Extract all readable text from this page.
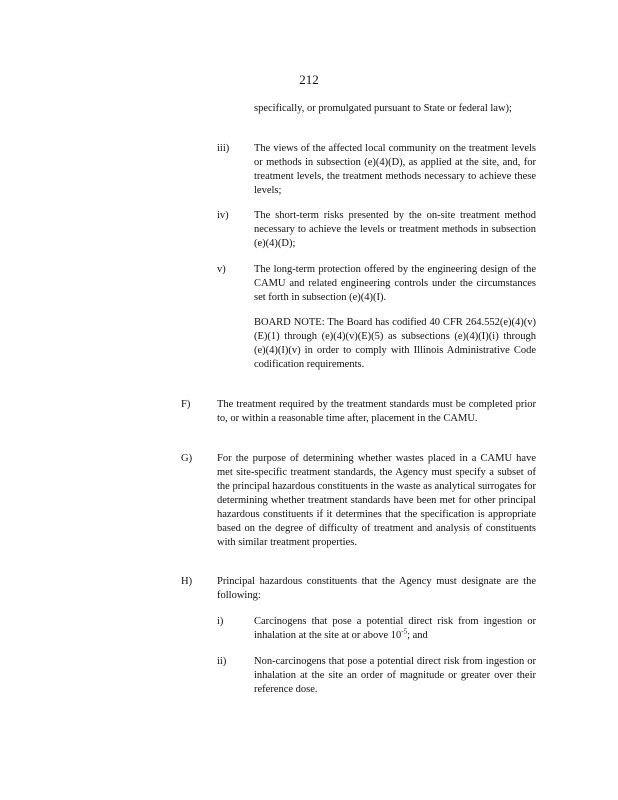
212
specifically, or promulgated pursuant to State or federal law);
iii) The views of the affected local community on the treatment levels or methods in subsection (e)(4)(D), as applied at the site, and, for treatment levels, the treatment methods necessary to achieve these levels;
iv) The short-term risks presented by the on-site treatment method necessary to achieve the levels or treatment methods in subsection (e)(4)(D);
v)	The long-term protection offered by the engineering design of the CAMU and related engineering controls under the circumstances set forth in subsection (e)(4)(I).
BOARD NOTE: The Board has codified 40 CFR 264.552(e)(4)(v)(E)(1) through (e)(4)(v)(E)(5) as subsections (e)(4)(I)(i) through (e)(4)(I)(v) in order to comply with Illinois Administrative Code codification requirements.
F)	The treatment required by the treatment standards must be completed prior to, or within a reasonable time after, placement in the CAMU.
G) For the purpose of determining whether wastes placed in a CAMU have met site-specific treatment standards, the Agency must specify a subset of the principal hazardous constituents in the waste as analytical surrogates for determining whether treatment standards have been met for other principal hazardous constituents if it determines that the specification is appropriate based on the degree of difficulty of treatment and analysis of constituents with similar treatment properties.
H) Principal hazardous constituents that the Agency must designate are the following:
i)	Carcinogens that pose a potential direct risk from ingestion or inhalation at the site at or above $10^{-5}$; and
ii)	Non-carcinogens that pose a potential direct risk from ingestion or inhalation at the site an order of magnitude or greater over their reference dose.
